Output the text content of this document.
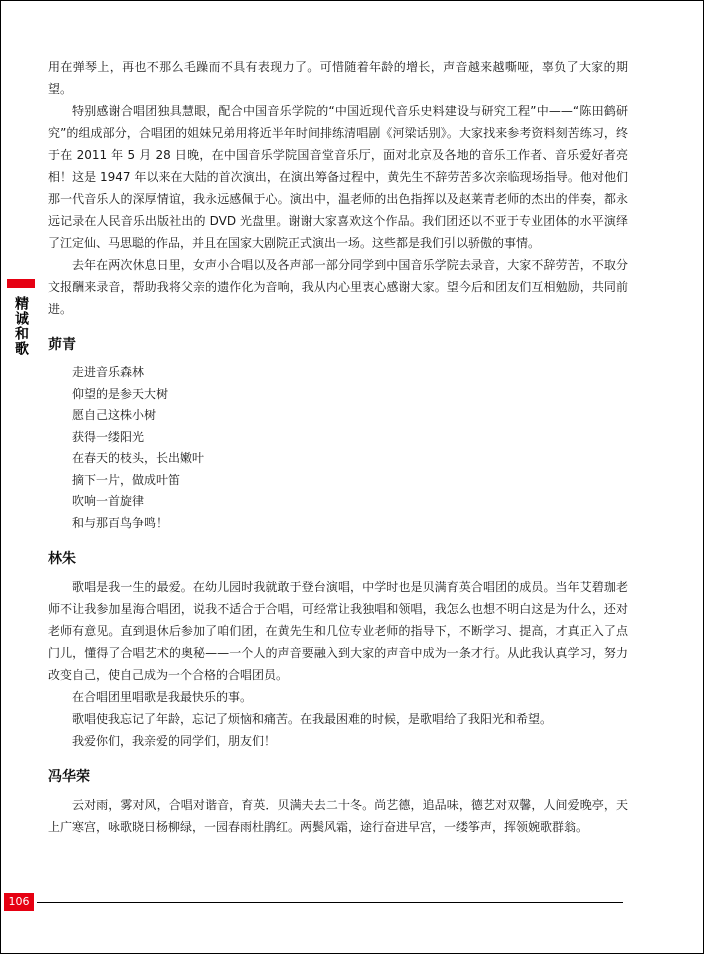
精诚和歌

用在弹琴上，再也不那么毛躁而不具有表现力了。可惜随着年龄的增长，声音越来越嘶哑，辜负了大家的期望。

特别感谢合唱团独具慧眼，配合中国音乐学院的“中国近现代音乐史料建设与研究工程”中——“陈田鹤研究”的组成部分，合唱团的姐妹兄弟用将近半年时间排练清唱剧《河梁话别》。大家找来参考资料刻苦练习，终于在 2011 年 5 月 28 日晚，在中国音乐学院国音堂音乐厅，面对北京及各地的音乐工作者、音乐爱好者亮相！这是 1947 年以来在大陆的首次演出，在演出筹备过程中，黄先生不辞劳苦多次亲临现场指导。他对他们那一代音乐人的深厚情谊，我永远感佩于心。演出中，温老师的出色指挥以及赵莱青老师的杰出的伴奏，都永远记录在人民音乐出版社出的 DVD 光盘里。谢谢大家喜欢这个作品。我们团还以不亚于专业团体的水平演绎了江定仙、马思聪的作品，并且在国家大剧院正式演出一场。这些都是我们引以骄傲的事情。

去年在两次休息日里，女声小合唱以及各声部一部分同学到中国音乐学院去录音，大家不辞劳苦，不取分文报酬来录音，帮助我将父亲的遗作化为音响，我从内心里衷心感谢大家。望今后和团友们互相勉励，共同前进。

茆青

走进音乐森林

仰望的是参天大树

愿自己这株小树

获得一缕阳光

在春天的枝头，长出嫩叶

摘下一片，做成叶笛

吹响一首旋律

和与那百鸟争鸣！

林朱

歌唱是我一生的最爱。在幼儿园时我就敢于登台演唱，中学时也是贝满育英合唱团的成员。当年艾碧珈老师不让我参加星海合唱团，说我不适合于合唱，可经常让我独唱和领唱，我怎么也想不明白这是为什么，还对老师有意见。直到退休后参加了咱们团，在黄先生和几位专业老师的指导下，不断学习、提高，才真正入了点门儿，懂得了合唱艺术的奥秘——一个人的声音要融入到大家的声音中成为一条才行。从此我认真学习，努力改变自己，使自己成为一个合格的合唱团员。

在合唱团里唱歌是我最快乐的事。

歌唱使我忘记了年龄，忘记了烦恼和痛苦。在我最困难的时候，是歌唱给了我阳光和希望。

我爱你们，我亲爱的同学们，朋友们！

冯华荣

云对雨，雾对风，合唱对谐音，育英．贝满夫去二十冬。尚艺德，追品味，德艺对双馨，人间爱晚亭，天上广寒宫，咏歌晓日杨柳绿，一园春雨杜鹃红。两鬓风霜，途行奋进早宫，一缕筝声，挥领婉歌群翁。

106
